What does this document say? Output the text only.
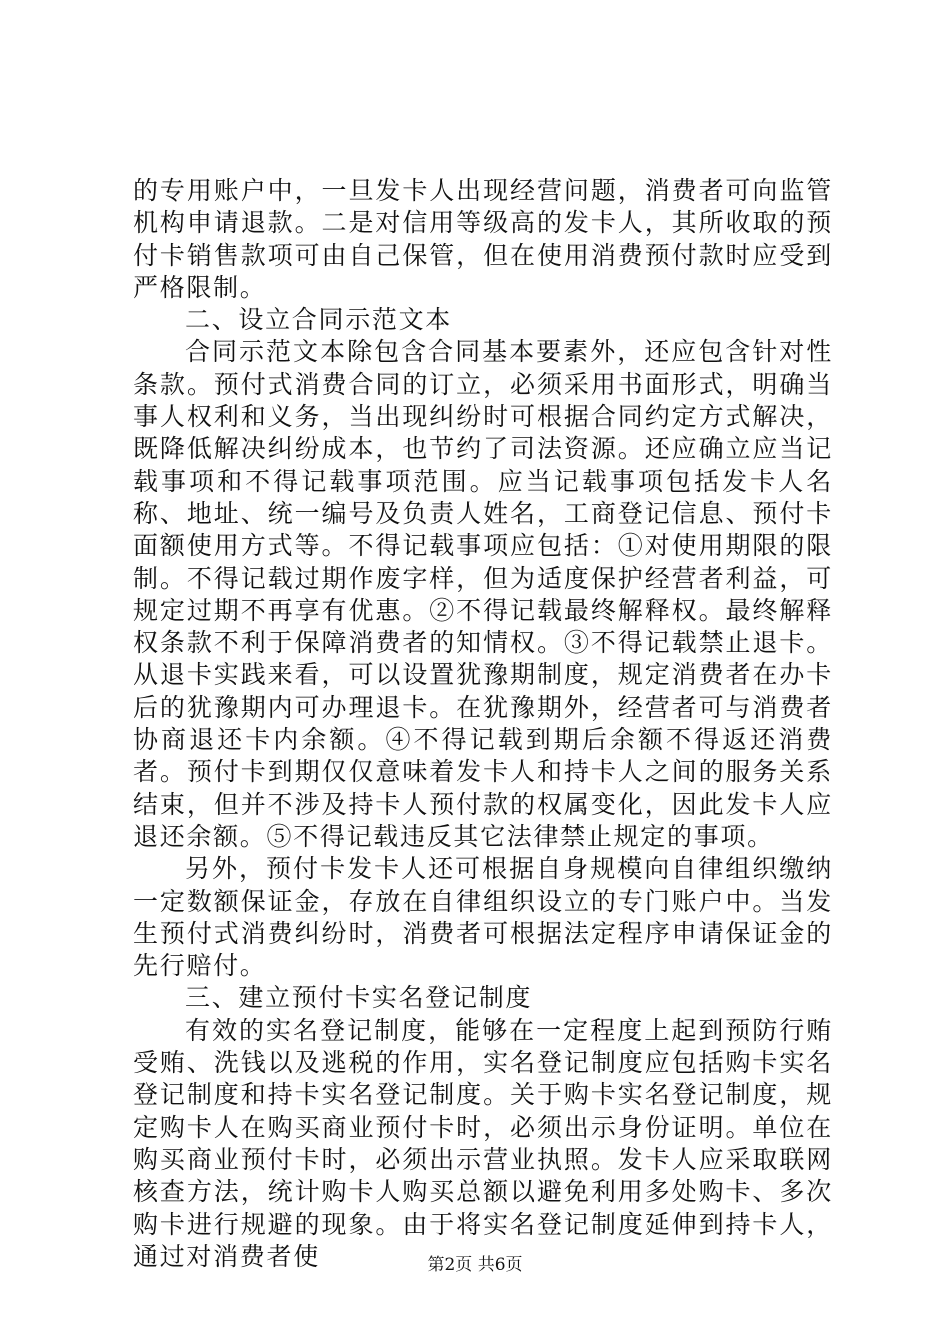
的专用账户中，一旦发卡人出现经营问题，消费者可向监管机构申请退款。二是对信用等级高的发卡人，其所收取的预付卡销售款项可由自己保管，但在使用消费预付款时应受到严格限制。

二、设立合同示范文本

合同示范文本除包含合同基本要素外，还应包含针对性条款。预付式消费合同的订立，必须采用书面形式，明确当事人权利和义务，当出现纠纷时可根据合同约定方式解决，既降低解决纠纷成本，也节约了司法资源。还应确立应当记载事项和不得记载事项范围。应当记载事项包括发卡人名称、地址、统一编号及负责人姓名，工商登记信息、预付卡面额使用方式等。不得记载事项应包括：①对使用期限的限制。不得记载过期作废字样，但为适度保护经营者利益，可规定过期不再享有优惠。②不得记载最终解释权。最终解释权条款不利于保障消费者的知情权。③不得记载禁止退卡。从退卡实践来看，可以设置犹豫期制度，规定消费者在办卡后的犹豫期内可办理退卡。在犹豫期外，经营者可与消费者协商退还卡内余额。④不得记载到期后余额不得返还消费者。预付卡到期仅仅意味着发卡人和持卡人之间的服务关系结束，但并不涉及持卡人预付款的权属变化，因此发卡人应退还余额。⑤不得记载违反其它法律禁止规定的事项。

另外，预付卡发卡人还可根据自身规模向自律组织缴纳一定数额保证金，存放在自律组织设立的专门账户中。当发生预付式消费纠纷时，消费者可根据法定程序申请保证金的先行赔付。

三、建立预付卡实名登记制度

有效的实名登记制度，能够在一定程度上起到预防行贿受贿、洗钱以及逃税的作用，实名登记制度应包括购卡实名登记制度和持卡实名登记制度。关于购卡实名登记制度，规定购卡人在购买商业预付卡时，必须出示身份证明。单位在购买商业预付卡时，必须出示营业执照。发卡人应采取联网核查方法，统计购卡人购买总额以避免利用多处购卡、多次购卡进行规避的现象。由于将实名登记制度延伸到持卡人，通过对消费者使	第2页 共6页
